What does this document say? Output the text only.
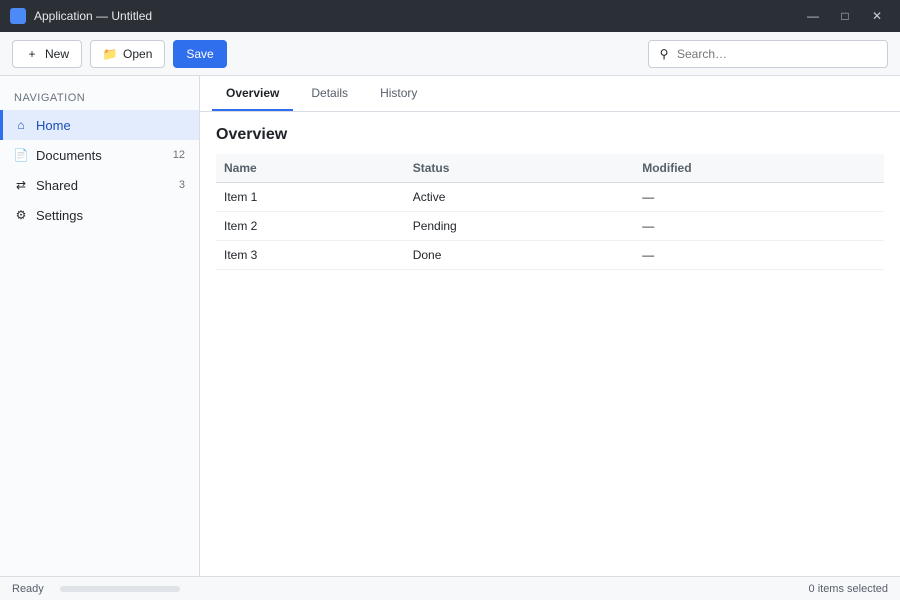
Application — Untitled	— □ ✕
+ New	📁 Open	Save	⚲
Search…
NAVIGATION
⌂ Home
📄 Documents	12
⇄ Shared	3
⚙ Settings
Overview	Details	History
Overview
Name	Status	Modified
Item 1	Active	—
Item 2	Pending	—
Item 3	Done	—
Ready	0 items selected
